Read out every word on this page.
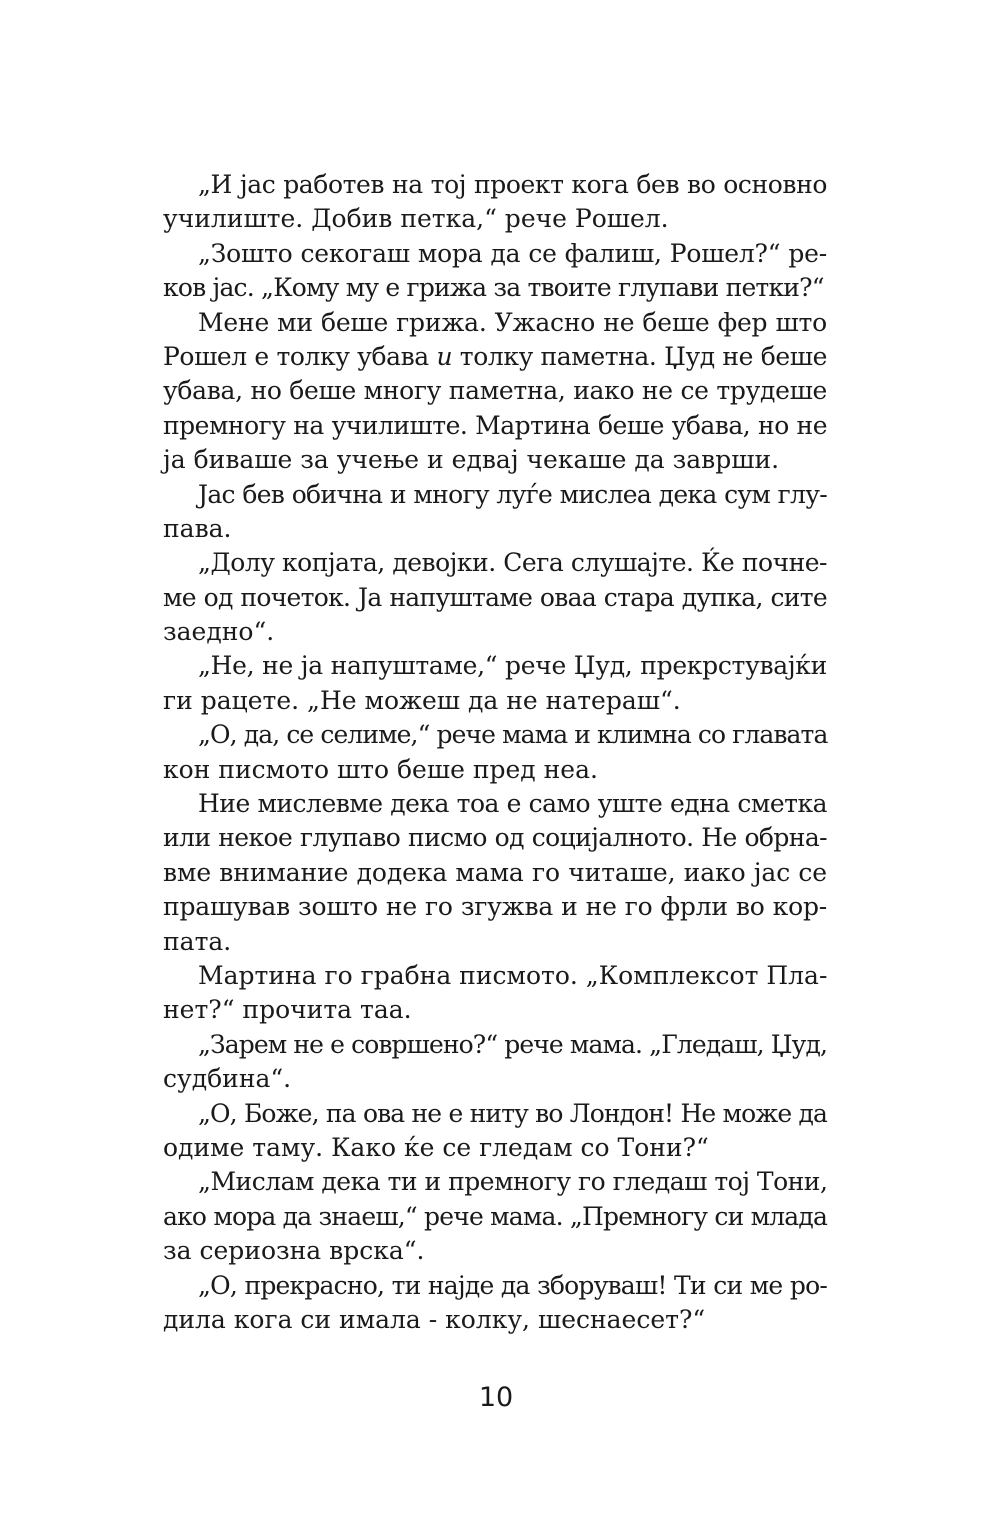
„И јас работев на тој проект кога бев во основно
училиште. Добив петка,“ рече Рошел.
„Зошто секогаш мора да се фалиш, Рошел?“ ре-
ков јас. „Кому му е грижа за твоите глупави петки?“
Мене ми беше грижа. Ужасно не беше фер што
Рошел е толку убава и толку паметна. Џуд не беше
убава, но беше многу паметна, иако не се трудеше
премногу на училиште. Мартина беше убава, но не
ја биваше за учење и едвај чекаше да заврши.
Јас бев обична и многу луѓе мислеа дека сум глу-
пава.
„Долу копјата, девојки. Сега слушајте. Ќе почне-
ме од почеток. Ја напуштаме оваа стара дупка, сите
заедно“.
„Не, не ја напуштаме,“ рече Џуд, прекрстувајќи
ги рацете. „Не можеш да не натераш“.
„О, да, се селиме,“ рече мама и климна со главата
кон писмото што беше пред неа.
Ние мислевме дека тоа е само уште една сметка
или некое глупаво писмо од социјалното. Не обрна-
вме внимание додека мама го читаше, иако јас се
прашував зошто не го згужва и не го фрли во кор-
пата.
Мартина го грабна писмото. „Комплексот Пла-
нет?“ прочита таа.
„Зарем не е совршено?“ рече мама. „Гледаш, Џуд,
судбина“.
„О, Боже, па ова не е ниту во Лондон! Не може да
одиме таму. Како ќе се гледам со Тони?“
„Мислам дека ти и премногу го гледаш тој Тони,
ако мора да знаеш,“ рече мама. „Премногу си млада
за сериозна врска“.
„О, прекрасно, ти најде да зборуваш! Ти си ме ро-
дила кога си имала - колку, шеснаесет?“
10
